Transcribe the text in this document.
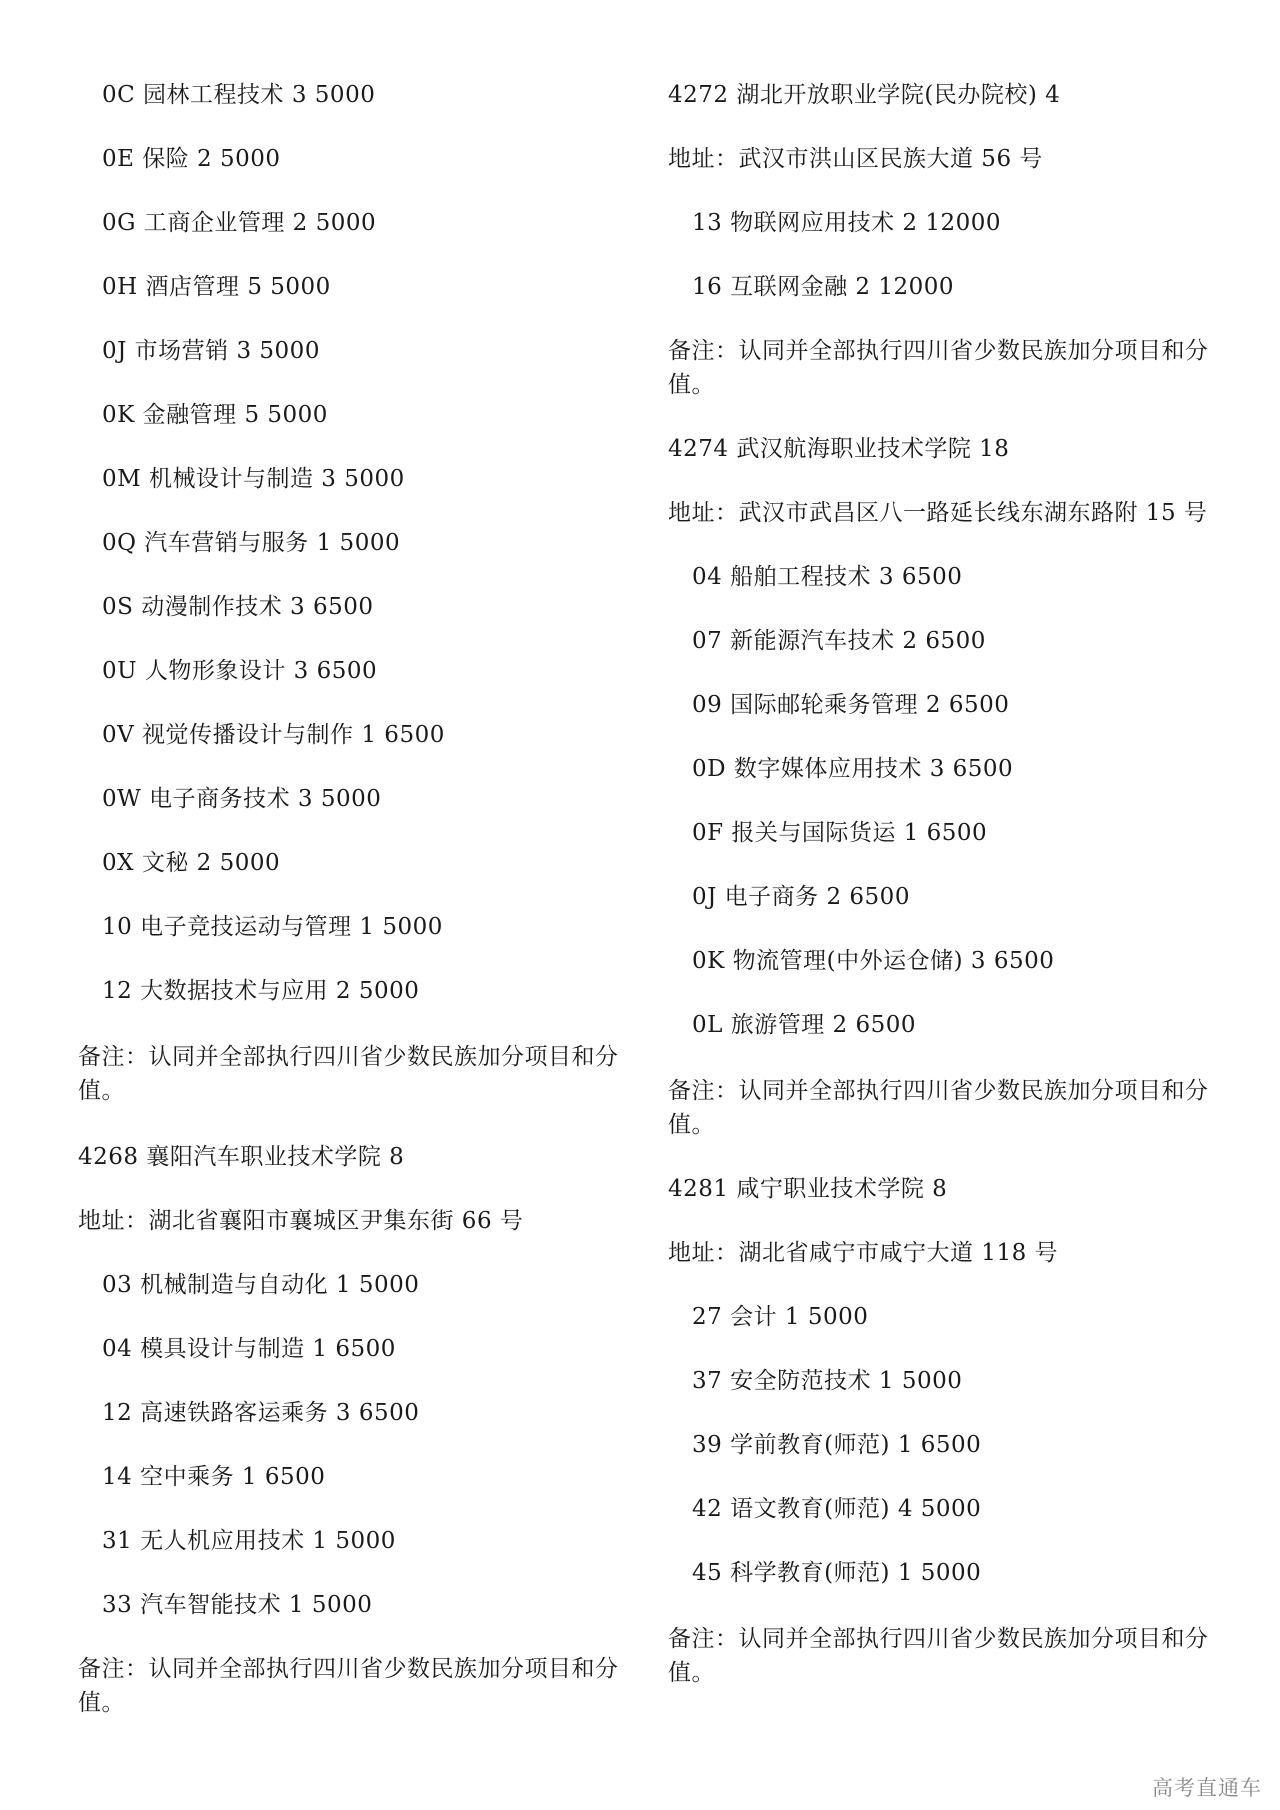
0C 园林工程技术 3 5000
0E 保险 2 5000
0G 工商企业管理 2 5000
0H 酒店管理 5 5000
0J 市场营销 3 5000
0K 金融管理 5 5000
0M 机械设计与制造 3 5000
0Q 汽车营销与服务 1 5000
0S 动漫制作技术 3 6500
0U 人物形象设计 3 6500
0V 视觉传播设计与制作 1 6500
0W 电子商务技术 3 5000
0X 文秘 2 5000
10 电子竞技运动与管理 1 5000
12 大数据技术与应用 2 5000
备注：认同并全部执行四川省少数民族加分项目和分值。
4268 襄阳汽车职业技术学院 8
地址：湖北省襄阳市襄城区尹集东街 66 号
03 机械制造与自动化 1 5000
04 模具设计与制造 1 6500
12 高速铁路客运乘务 3 6500
14 空中乘务 1 6500
31 无人机应用技术 1 5000
33 汽车智能技术 1 5000
备注：认同并全部执行四川省少数民族加分项目和分值。
4272 湖北开放职业学院(民办院校) 4
地址：武汉市洪山区民族大道 56 号
13 物联网应用技术 2 12000
16 互联网金融 2 12000
备注：认同并全部执行四川省少数民族加分项目和分值。
4274 武汉航海职业技术学院 18
地址：武汉市武昌区八一路延长线东湖东路附 15 号
04 船舶工程技术 3 6500
07 新能源汽车技术 2 6500
09 国际邮轮乘务管理 2 6500
0D 数字媒体应用技术 3 6500
0F 报关与国际货运 1 6500
0J 电子商务 2 6500
0K 物流管理(中外运仓储) 3 6500
0L 旅游管理 2 6500
备注：认同并全部执行四川省少数民族加分项目和分值。
4281 咸宁职业技术学院 8
地址：湖北省咸宁市咸宁大道 118 号
27 会计 1 5000
37 安全防范技术 1 5000
39 学前教育(师范) 1 6500
42 语文教育(师范) 4 5000
45 科学教育(师范) 1 5000
备注：认同并全部执行四川省少数民族加分项目和分值。
高考直通车
